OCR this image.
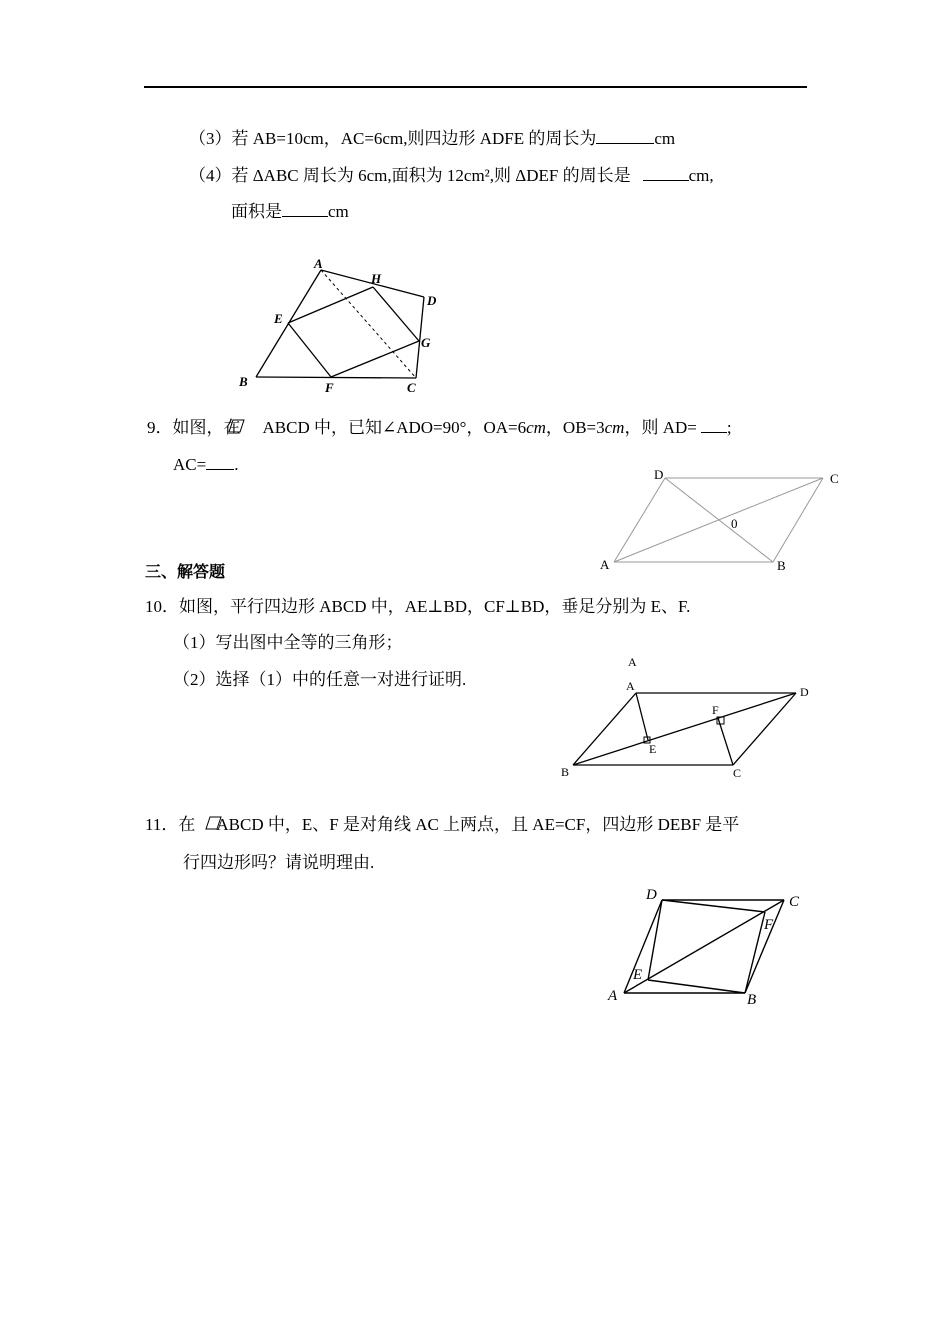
（3）若 AB=10cm，AC=6cm,则四边形 ADFE 的周长为	cm
（4）若 ΔABC 周长为 6cm,面积为 12cm²,则 ΔDEF 的周长是	cm,
面积是	cm
A
H
D
E
G
B	F	C
D	C
0
A	B
A
A	D
F
E
B	C
D	C
F
E
A	B
9．如图，在 ABCD 中，已知∠ADO=90°，OA=6cm，OB=3cm，则 AD= ;
AC= .
三、解答题
10．如图，平行四边形 ABCD 中，AE⊥BD，CF⊥BD，垂足分别为 E、F.
（1）写出图中全等的三角形；
（2）选择（1）中的任意一对进行证明.
11．在 ABCD 中，E、F 是对角线 AC 上两点，且 AE=CF，四边形 DEBF 是平
行四边形吗？请说明理由.
